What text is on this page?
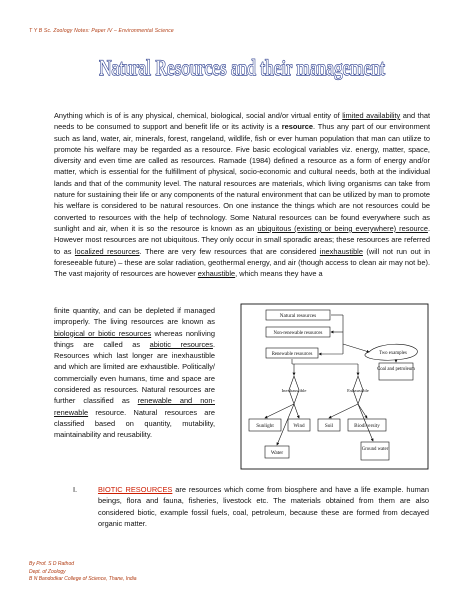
T Y B Sc. Zoology Notes: Paper IV – Environmental Science
Natural Resources and their management
Anything which is of is any physical, chemical, biological, social and/or virtual entity of limited availability and that needs to be consumed to support and benefit life or its activity is a resource. Thus any part of our environment such as land, water, air, minerals, forest, rangeland, wildlife, fish or ever human population that man can utilize to promote his welfare may be regarded as a resource. Five basic ecological variables viz. energy, matter, space, diversity and even time are called as resources. Ramade (1984) defined a resource as a form of energy and/or matter, which is essential for the fulfillment of physical, socio-economic and cultural needs, both at the individual lands and that of the community level. The natural resources are materials, which living organisms can take from nature for sustaining their life or any components of the natural environment that can be utilized by man to promote his welfare is considered to be natural resources. On one instance the things which are not resources could be converted to resources with the help of technology. Some Natural resources can be found everywhere such as sunlight and air, when it is so the resource is known as an ubiquitous (existing or being everywhere) resource. However most resources are not ubiquitous. They only occur in small sporadic areas; these resources are referred to as localized resources. There are very few resources that are considered inexhaustible (will not run out in foreseeable future) – these are solar radiation, geothermal energy, and air (though access to clean air may not be). The vast majority of resources are however exhaustible, which means they have a
finite quantity, and can be depleted if managed improperly. The living resources are known as biological or biotic resources whereas nonliving things are called as abiotic resources. Resources which last longer are inexhaustible and which are limited are exhaustible. Politically/ commercially even humans, time and space are considered as resources. Natural resources are further classified as renewable and non-renewable resource. Natural resources are classified based on quantity, mutability, maintainability and reusability.
Natural resources
Non-renewable resources
Renewable resources	Two examples
Coal and petroleum
Inexhaustible	Exhaustible
Sunlight	Wind	Soil	Biodiversity
Water
Ground water
I.	BIOTIC RESOURCES are resources which come from biosphere and have a life example. human beings, flora and fauna, fisheries, livestock etc. The materials obtained from them are also considered biotic, example fossil fuels, coal, petroleum, because these are formed from decayed organic matter.
By Prof. S D Rathod
Dept. of Zoology
B N Bandodkar College of Science, Thane, India
